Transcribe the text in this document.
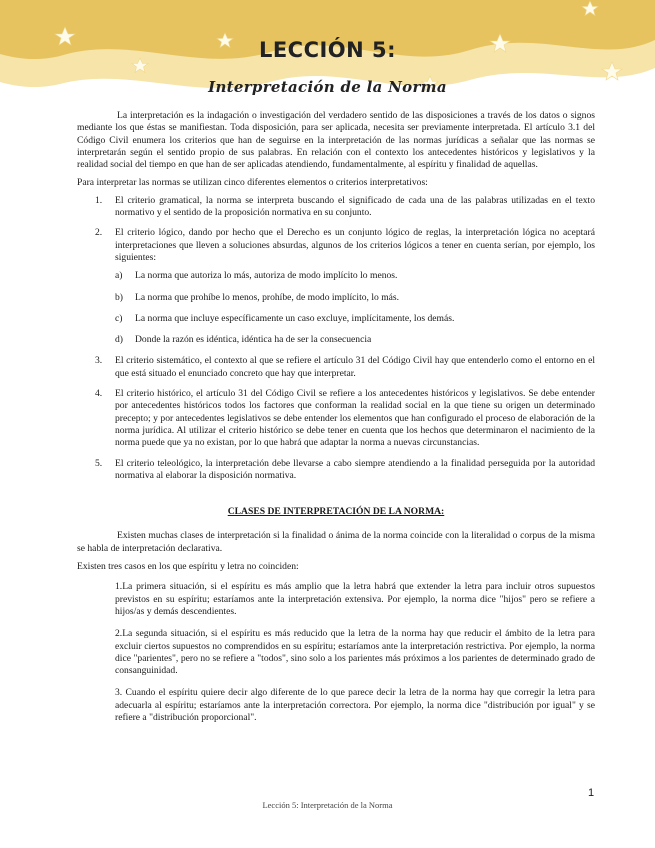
LECCIÓN 5:
Interpretación de la Norma

La interpretación es la indagación o investigación del verdadero sentido de las disposiciones a través de los datos o signos mediante los que éstas se manifiestan. Toda disposición, para ser aplicada, necesita ser previamente interpretada. El artículo 3.1 del Código Civil enumera los criterios que han de seguirse en la interpretación de las normas jurídicas a señalar que las normas se interpretarán según el sentido propio de sus palabras. En relación con el contexto los antecedentes históricos y legislativos y la realidad social del tiempo en que han de ser aplicadas atendiendo, fundamentalmente, al espíritu y finalidad de aquellas.

Para interpretar las normas se utilizan cinco diferentes elementos o criterios interpretativos:

1. El criterio gramatical, la norma se interpreta buscando el significado de cada una de las palabras utilizadas en el texto normativo y el sentido de la proposición normativa en su conjunto.
2. El criterio lógico, dando por hecho que el Derecho es un conjunto lógico de reglas, la interpretación lógica no aceptará interpretaciones que lleven a soluciones absurdas, algunos de los criterios lógicos a tener en cuenta serían, por ejemplo, los siguientes:
a) La norma que autoriza lo más, autoriza de modo implícito lo menos.
b) La norma que prohíbe lo menos, prohíbe, de modo implícito, lo más.
c) La norma que incluye específicamente un caso excluye, implícitamente, los demás.
d) Donde la razón es idéntica, idéntica ha de ser la consecuencia
3. El criterio sistemático, el contexto al que se refiere el artículo 31 del Código Civil hay que entenderlo como el entorno en el que está situado el enunciado concreto que hay que interpretar.
4. El criterio histórico, el artículo 31 del Código Civil se refiere a los antecedentes históricos y legislativos. Se debe entender por antecedentes históricos todos los factores que conforman la realidad social en la que tiene su origen un determinado precepto; y por antecedentes legislativos se debe entender los elementos que han configurado el proceso de elaboración de la norma jurídica. Al utilizar el criterio histórico se debe tener en cuenta que los hechos que determinaron el nacimiento de la norma puede que ya no existan, por lo que habrá que adaptar la norma a nuevas circunstancias.
5. El criterio teleológico, la interpretación debe llevarse a cabo siempre atendiendo a la finalidad perseguida por la autoridad normativa al elaborar la disposición normativa.

CLASES DE INTERPRETACIÓN DE LA NORMA:

Existen muchas clases de interpretación si la finalidad o ánima de la norma coincide con la literalidad o corpus de la misma se habla de interpretación declarativa.

Existen tres casos en los que espíritu y letra no coinciden:

1.La primera situación, si el espíritu es más amplio que la letra habrá que extender la letra para incluir otros supuestos previstos en su espíritu; estaríamos ante la interpretación extensiva. Por ejemplo, la norma dice "hijos" pero se refiere a hijos/as y demás descendientes.

2.La segunda situación, si el espíritu es más reducido que la letra de la norma hay que reducir el ámbito de la letra para excluir ciertos supuestos no comprendidos en su espíritu; estaríamos ante la interpretación restrictiva. Por ejemplo, la norma dice "parientes", pero no se refiere a "todos", sino solo a los parientes más próximos a los parientes de determinado grado de consanguinidad.

3. Cuando el espíritu quiere decir algo diferente de lo que parece decir la letra de la norma hay que corregir la letra para adecuarla al espíritu; estaríamos ante la interpretación correctora. Por ejemplo, la norma dice "distribución por igual" y se refiere a "distribución proporcional".

1
Lección 5: Interpretación de la Norma
